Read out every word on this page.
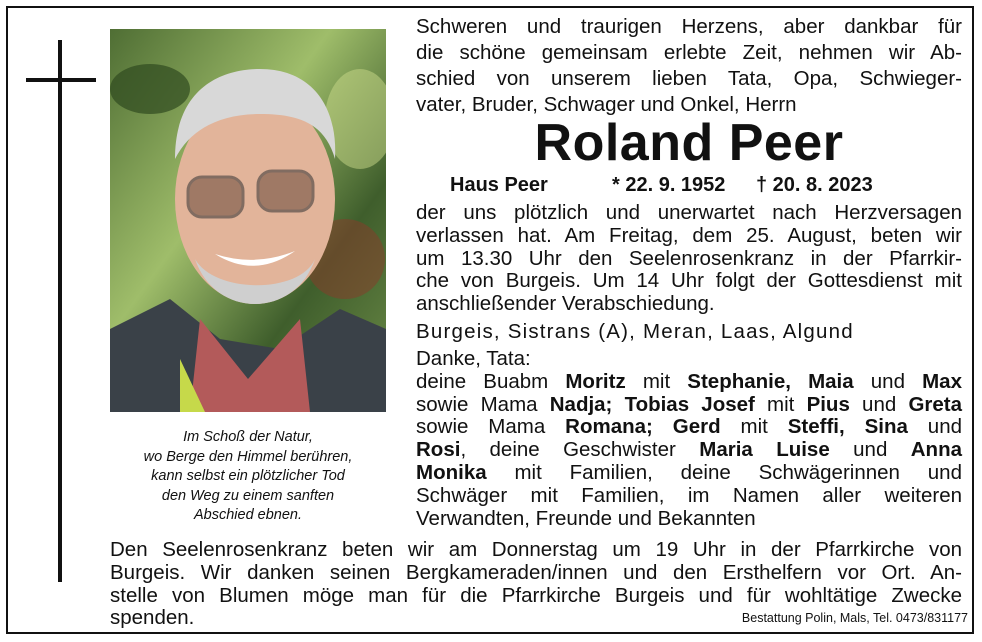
Im Schoß der Natur,
wo Berge den Himmel berühren,
kann selbst ein plötzlicher Tod
den Weg zu einem sanften
Abschied ebnen.
Schweren und traurigen Herzens, aber dankbar für
die schöne gemeinsam erlebte Zeit, nehmen wir Ab-
schied von unserem lieben Tata, Opa, Schwieger-
vater, Bruder, Schwager und Onkel, Herrn
Roland Peer
Haus Peer	* 22. 9. 1952 † 20. 8. 2023
der uns plötzlich und unerwartet nach Herzversagen
verlassen hat. Am Freitag, dem 25. August, beten wir
um 13.30 Uhr den Seelenrosenkranz in der Pfarrkir-
che von Burgeis. Um 14 Uhr folgt der Gottesdienst mit
anschließender Verabschiedung.
Burgeis, Sistrans (A), Meran, Laas, Algund
Danke, Tata:
deine Buabm Moritz mit Stephanie, Maia und Max
sowie Mama Nadja; Tobias Josef mit Pius und Greta
sowie Mama Romana; Gerd mit Steffi, Sina und
Rosi, deine Geschwister Maria Luise und Anna
Monika mit Familien, deine Schwägerinnen und
Schwäger mit Familien, im Namen aller weiteren
Verwandten, Freunde und Bekannten
Den Seelenrosenkranz beten wir am Donnerstag um 19 Uhr in der Pfarrkirche von
Burgeis. Wir danken seinen Bergkameraden/innen und den Ersthelfern vor Ort. An-
stelle von Blumen möge man für die Pfarrkirche Burgeis und für wohltätige Zwecke
spenden.	Bestattung Polin, Mals, Tel. 0473/831177
